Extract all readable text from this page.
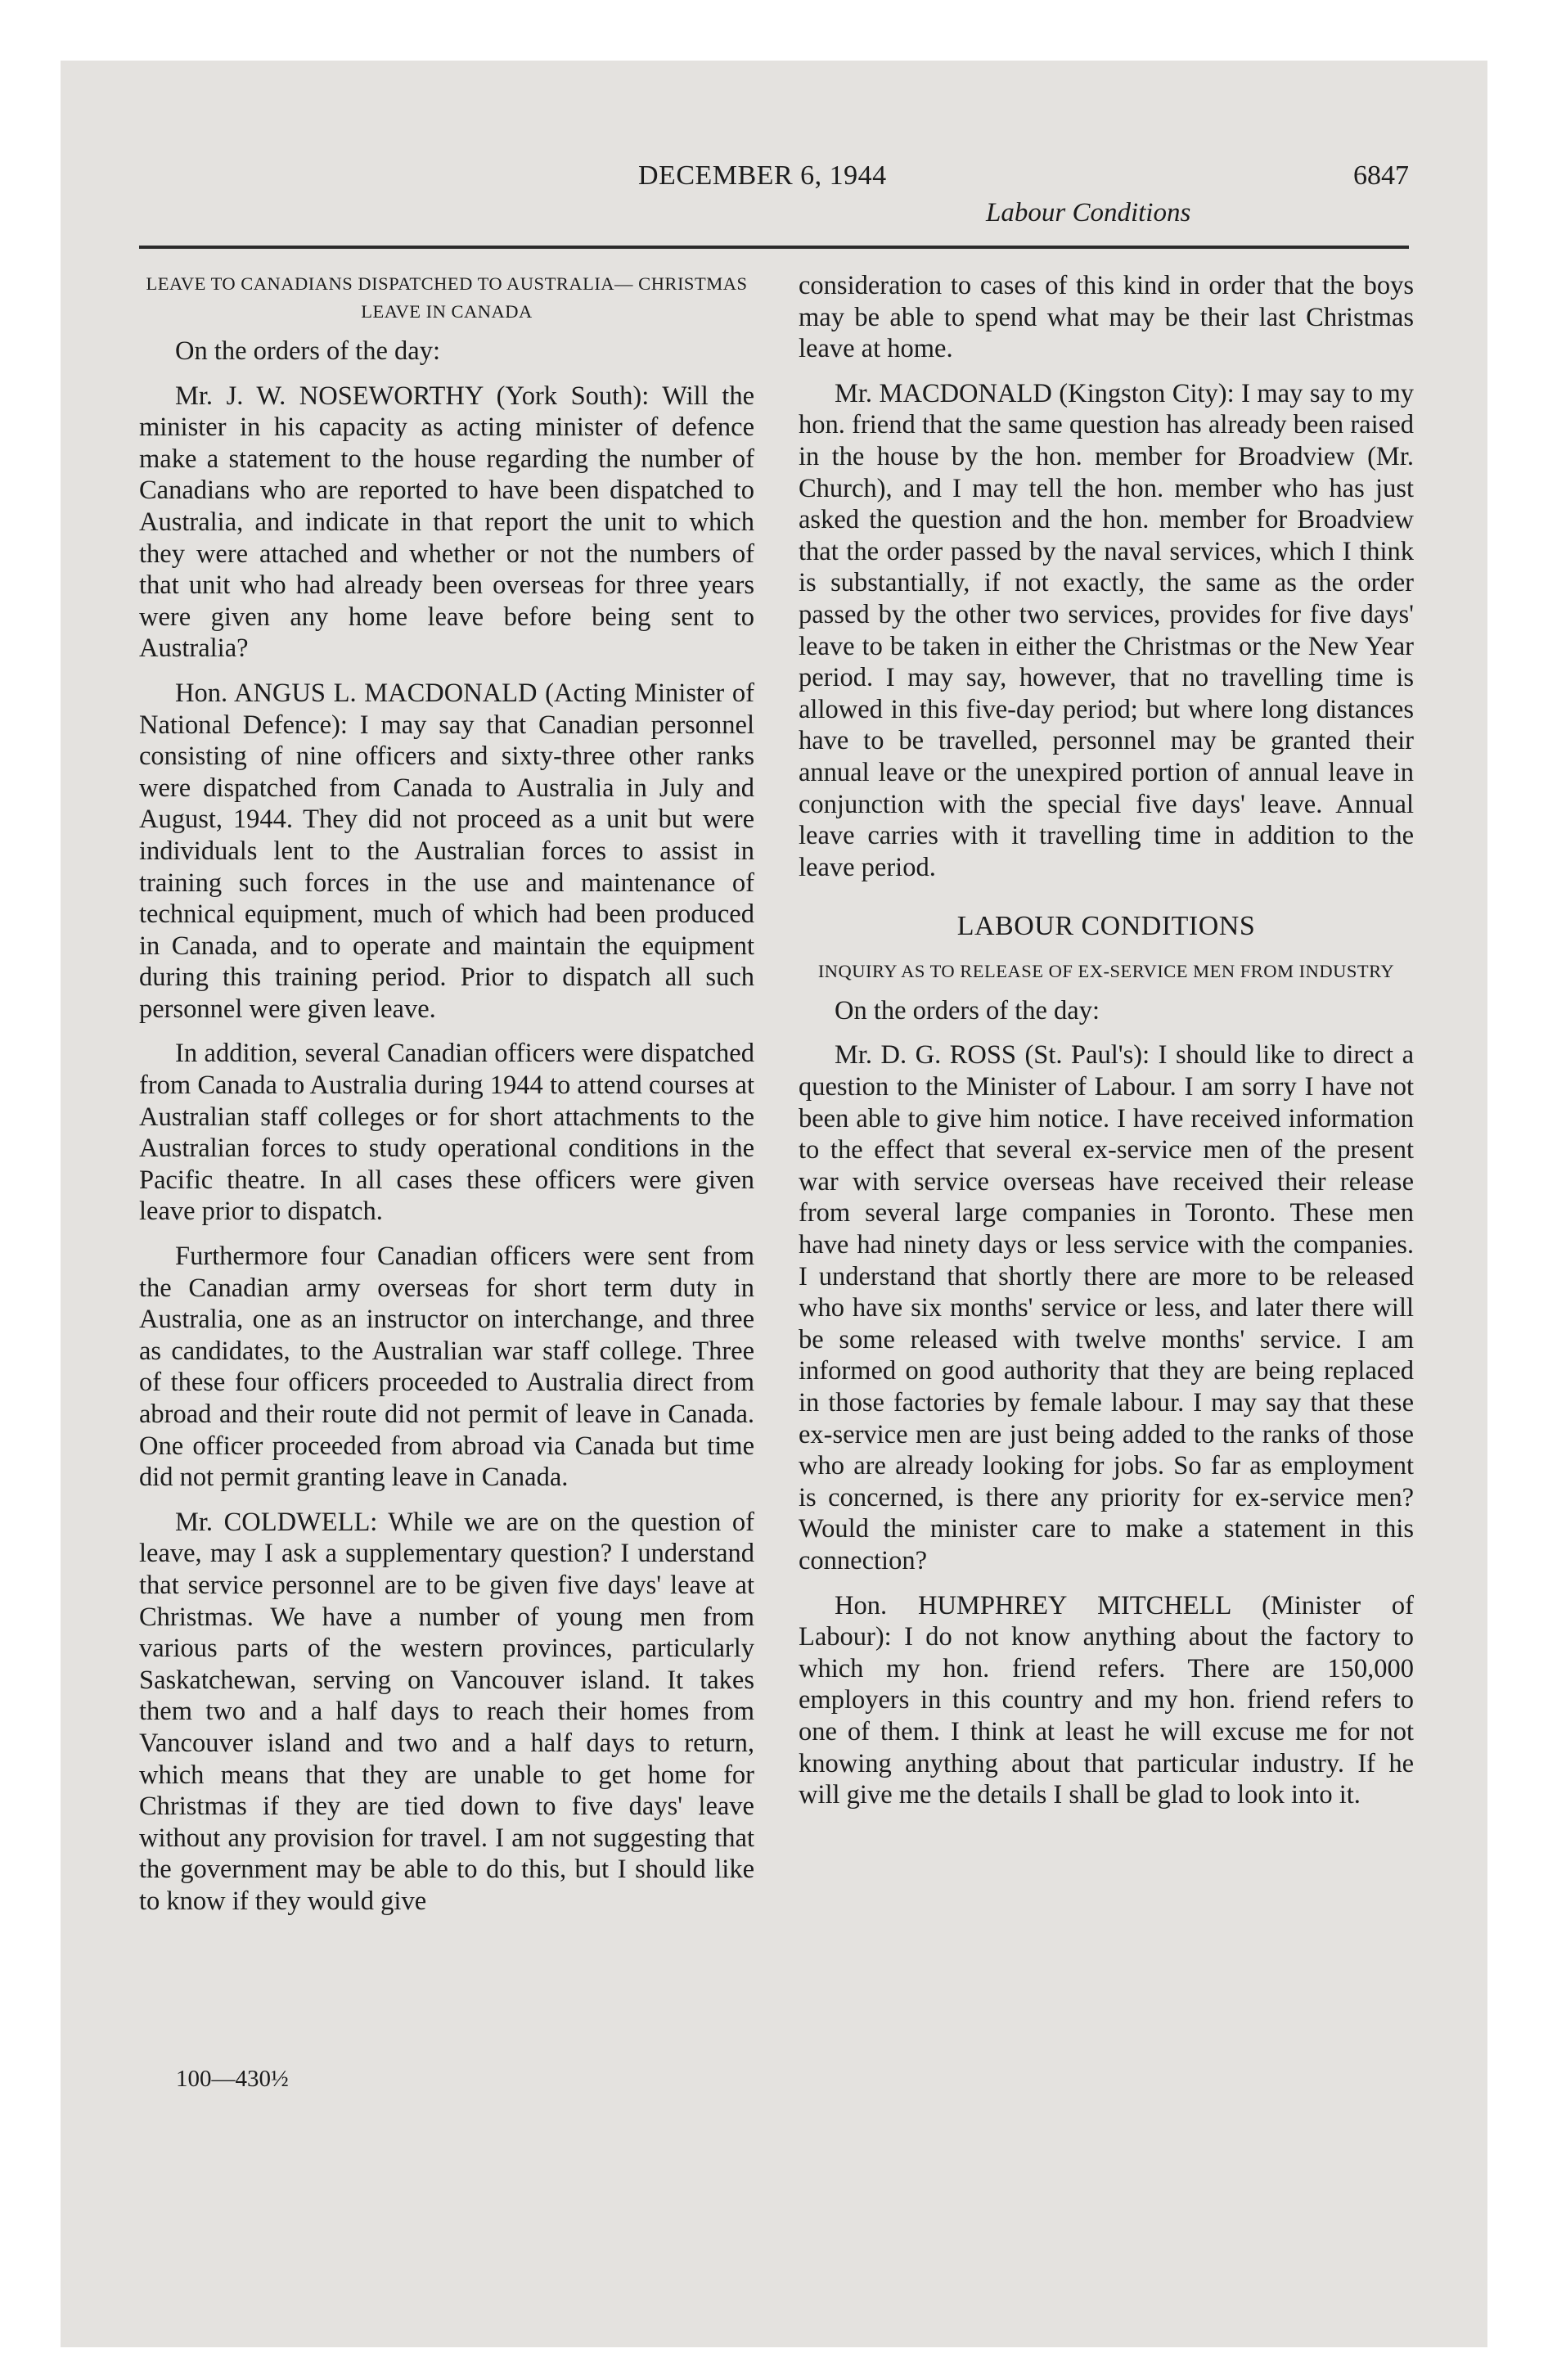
DECEMBER 6, 1944	6847
Labour Conditions
LEAVE TO CANADIANS DISPATCHED TO AUSTRALIA— CHRISTMAS LEAVE IN CANADA

On the orders of the day:

Mr. J. W. NOSEWORTHY (York South): Will the minister in his capacity as acting minister of defence make a statement to the house regarding the number of Canadians who are reported to have been dispatched to Australia, and indicate in that report the unit to which they were attached and whether or not the numbers of that unit who had already been overseas for three years were given any home leave before being sent to Australia?

Hon. ANGUS L. MACDONALD (Acting Minister of National Defence): I may say that Canadian personnel consisting of nine officers and sixty-three other ranks were dispatched from Canada to Australia in July and August, 1944. They did not proceed as a unit but were individuals lent to the Australian forces to assist in training such forces in the use and maintenance of technical equipment, much of which had been produced in Canada, and to operate and maintain the equipment during this training period. Prior to dispatch all such personnel were given leave.

In addition, several Canadian officers were dispatched from Canada to Australia during 1944 to attend courses at Australian staff colleges or for short attachments to the Australian forces to study operational conditions in the Pacific theatre. In all cases these officers were given leave prior to dispatch.

Furthermore four Canadian officers were sent from the Canadian army overseas for short term duty in Australia, one as an instructor on interchange, and three as candidates, to the Australian war staff college. Three of these four officers proceeded to Australia direct from abroad and their route did not permit of leave in Canada. One officer proceeded from abroad via Canada but time did not permit granting leave in Canada.

Mr. COLDWELL: While we are on the question of leave, may I ask a supplementary question? I understand that service personnel are to be given five days' leave at Christmas. We have a number of young men from various parts of the western provinces, particularly Saskatchewan, serving on Vancouver island. It takes them two and a half days to reach their homes from Vancouver island and two and a half days to return, which means that they are unable to get home for Christmas if they are tied down to five days' leave without any provision for travel. I am not suggesting that the government may be able to do this, but I should like to know if they would give

100—430½

consideration to cases of this kind in order that the boys may be able to spend what may be their last Christmas leave at home.

Mr. MACDONALD (Kingston City): I may say to my hon. friend that the same question has already been raised in the house by the hon. member for Broadview (Mr. Church), and I may tell the hon. member who has just asked the question and the hon. member for Broadview that the order passed by the naval services, which I think is substantially, if not exactly, the same as the order passed by the other two services, provides for five days' leave to be taken in either the Christmas or the New Year period. I may say, however, that no travelling time is allowed in this five-day period; but where long distances have to be travelled, personnel may be granted their annual leave or the unexpired portion of annual leave in conjunction with the special five days' leave. Annual leave carries with it travelling time in addition to the leave period.

LABOUR CONDITIONS
INQUIRY AS TO RELEASE OF EX-SERVICE MEN FROM INDUSTRY

On the orders of the day:

Mr. D. G. ROSS (St. Paul's): I should like to direct a question to the Minister of Labour. I am sorry I have not been able to give him notice. I have received information to the effect that several ex-service men of the present war with service overseas have received their release from several large companies in Toronto. These men have had ninety days or less service with the companies. I understand that shortly there are more to be released who have six months' service or less, and later there will be some released with twelve months' service. I am informed on good authority that they are being replaced in those factories by female labour. I may say that these ex-service men are just being added to the ranks of those who are already looking for jobs. So far as employment is concerned, is there any priority for ex-service men? Would the minister care to make a statement in this connection?

Hon. HUMPHREY MITCHELL (Minister of Labour): I do not know anything about the factory to which my hon. friend refers. There are 150,000 employers in this country and my hon. friend refers to one of them. I think at least he will excuse me for not knowing anything about that particular industry. If he will give me the details I shall be glad to look into it.
